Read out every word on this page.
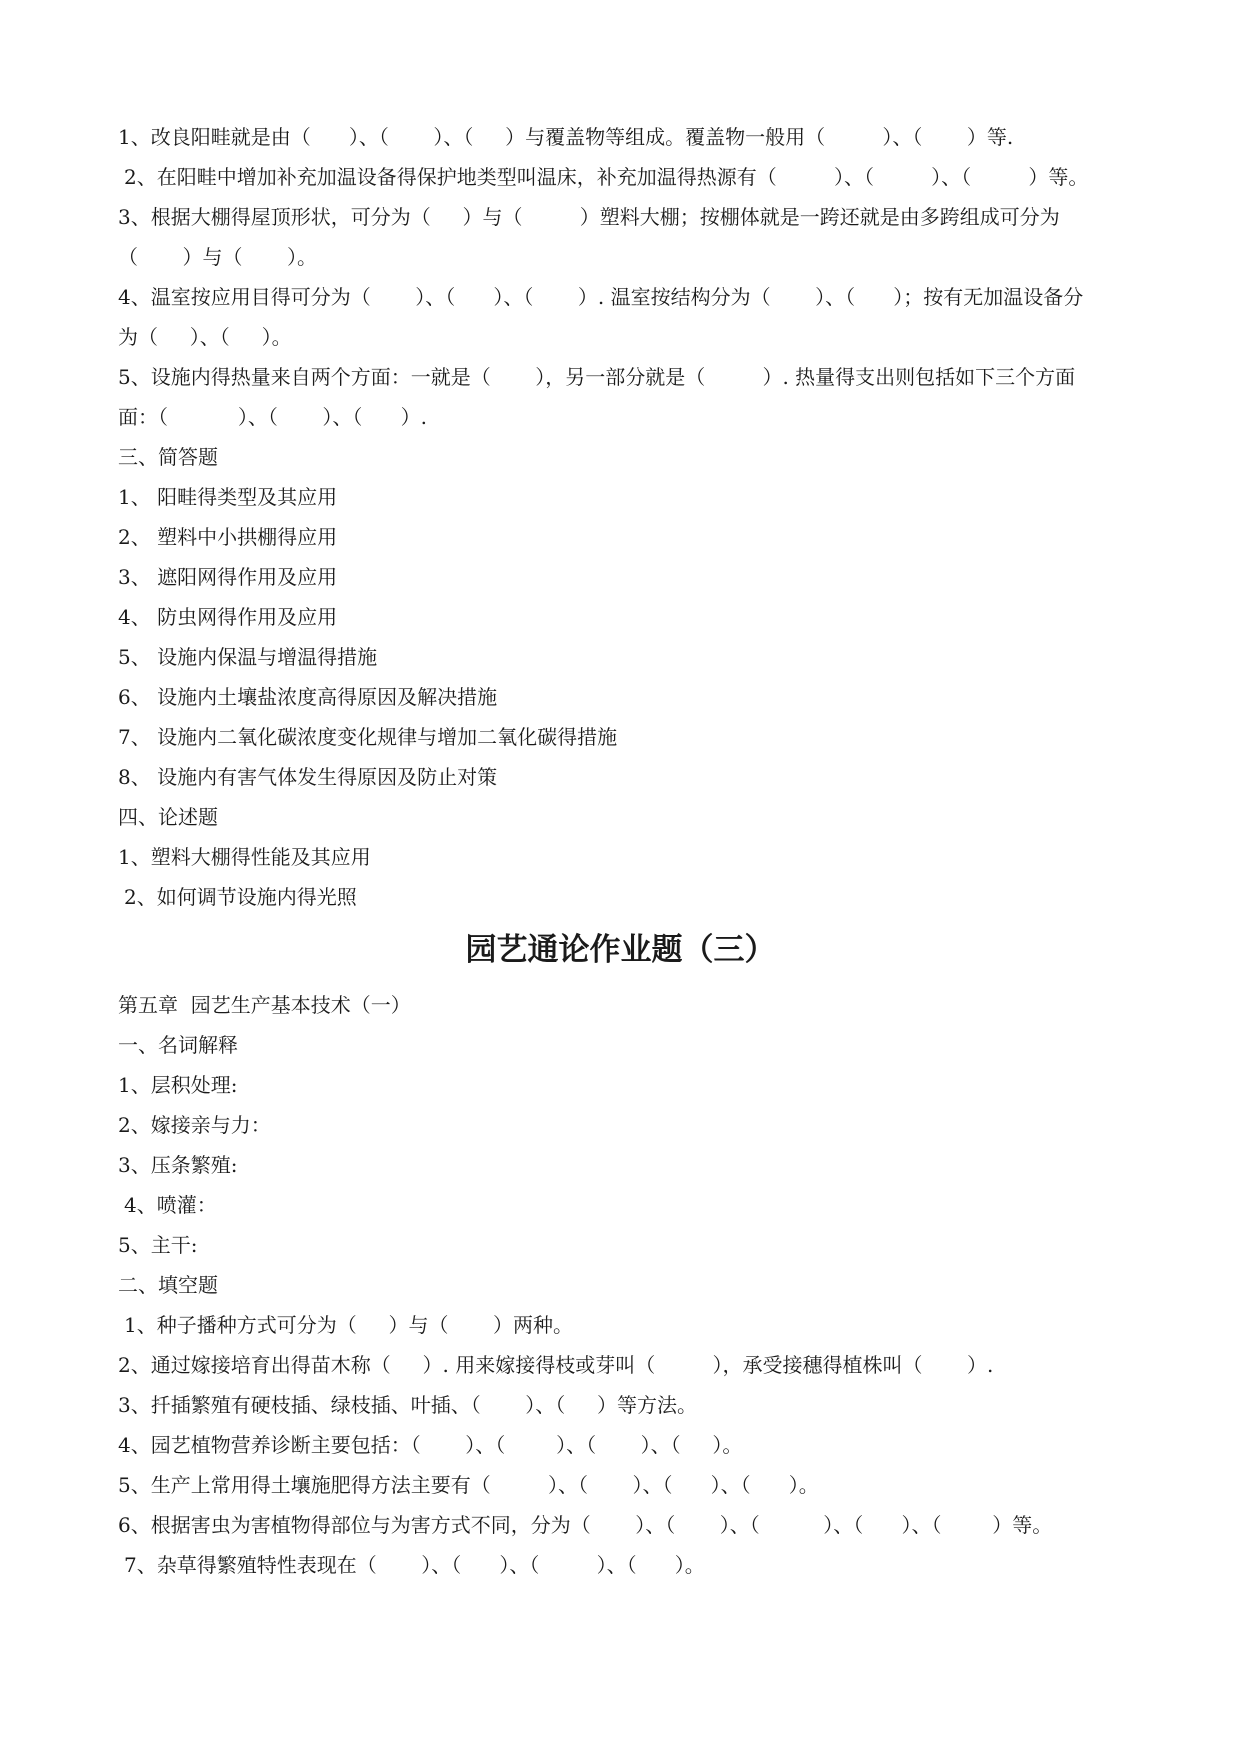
1、改良阳畦就是由（      ）、（       ）、（     ）与覆盖物等组成。覆盖物一般用（         ）、（       ）等.
2、在阳畦中增加补充加温设备得保护地类型叫温床，补充加温得热源有（         ）、（         ）、（         ）等。
3、根据大棚得屋顶形状，可分为（     ）与（         ）塑料大棚；按棚体就是一跨还就是由多跨组成可分为
（       ）与（       ）。
4、温室按应用目得可分为（       ）、（      ）、（       ）. 温室按结构分为（       ）、（      ）；按有无加温设备分
为（     ）、（     ）。
5、设施内得热量来自两个方面：一就是（       ），另一部分就是（         ）. 热量得支出则包括如下三个方面
面：（           ）、（       ）、（      ）.
三、简答题
1、 阳畦得类型及其应用
2、 塑料中小拱棚得应用
3、 遮阳网得作用及应用
4、 防虫网得作用及应用
5、 设施内保温与增温得措施
6、 设施内土壤盐浓度高得原因及解决措施
7、 设施内二氧化碳浓度变化规律与增加二氧化碳得措施
8、 设施内有害气体发生得原因及防止对策
四、论述题
1、塑料大棚得性能及其应用
2、如何调节设施内得光照
园艺通论作业题（三）
第五章  园艺生产基本技术（一）
一、名词解释
1、层积处理:
2、嫁接亲与力：
3、压条繁殖:
4、喷灌：
5、主干:
二、填空题
1、种子播种方式可分为（     ）与（       ）两种。
2、通过嫁接培育出得苗木称（     ）. 用来嫁接得枝或芽叫（         ），承受接穗得植株叫（       ）.
3、扦插繁殖有硬枝插、绿枝插、叶插、（       ）、（     ）等方法。
4、园艺植物营养诊断主要包括：（       ）、（        ）、（       ）、（     ）。
5、生产上常用得土壤施肥得方法主要有（         ）、（       ）、（      ）、（      ）。
6、根据害虫为害植物得部位与为害方式不同，分为（       ）、（       ）、（          ）、（      ）、（        ）等。
7、杂草得繁殖特性表现在（       ）、（      ）、（         ）、（      ）。
